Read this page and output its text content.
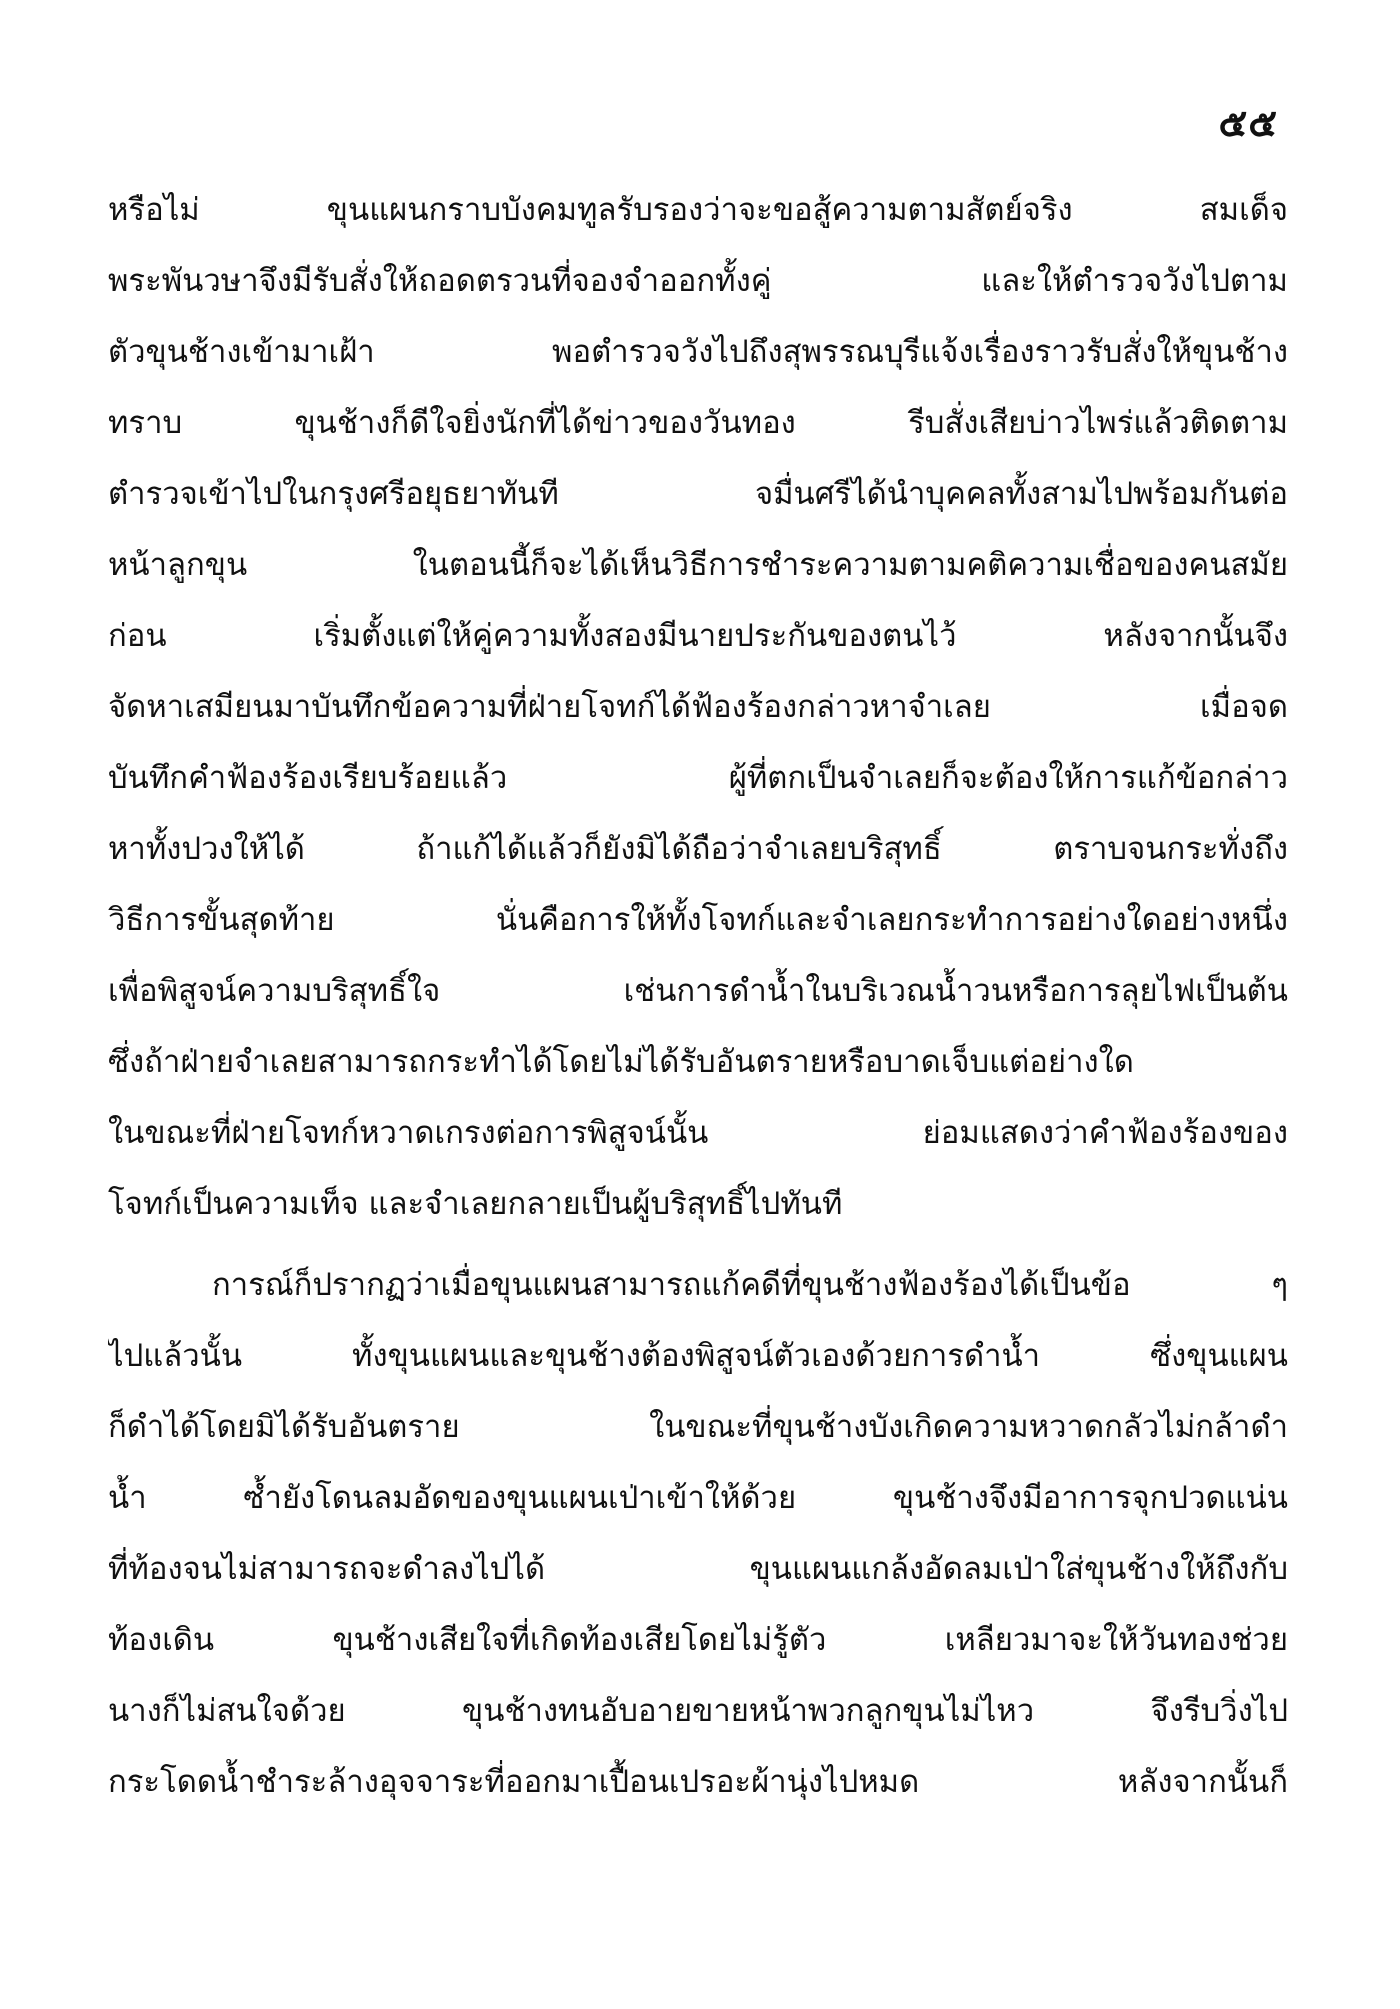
๕๕
หรือไม่ ขุนแผนกราบบังคมทูลรับรองว่าจะขอสู้ความตามสัตย์จริง สมเด็จ
พระพันวษาจึงมีรับสั่งให้ถอดตรวนที่จองจำออกทั้งคู่ และให้ตำรวจวังไปตาม
ตัวขุนช้างเข้ามาเฝ้า พอตำรวจวังไปถึงสุพรรณบุรีแจ้งเรื่องราวรับสั่งให้ขุนช้าง
ทราบ ขุนช้างก็ดีใจยิ่งนักที่ได้ข่าวของวันทอง รีบสั่งเสียบ่าวไพร่แล้วติดตาม
ตำรวจเข้าไปในกรุงศรีอยุธยาทันที จมื่นศรีได้นำบุคคลทั้งสามไปพร้อมกันต่อ
หน้าลูกขุน ในตอนนี้ก็จะได้เห็นวิธีการชำระความตามคติความเชื่อของคนสมัย
ก่อน เริ่มตั้งแต่ให้คู่ความทั้งสองมีนายประกันของตนไว้ หลังจากนั้นจึง
จัดหาเสมียนมาบันทึกข้อความที่ฝ่ายโจทก์ได้ฟ้องร้องกล่าวหาจำเลย เมื่อจด
บันทึกคำฟ้องร้องเรียบร้อยแล้ว ผู้ที่ตกเป็นจำเลยก็จะต้องให้การแก้ข้อกล่าว
หาทั้งปวงให้ได้ ถ้าแก้ได้แล้วก็ยังมิได้ถือว่าจำเลยบริสุทธิ์ ตราบจนกระทั่งถึง
วิธีการขั้นสุดท้าย นั่นคือการให้ทั้งโจทก์และจำเลยกระทำการอย่างใดอย่างหนึ่ง
เพื่อพิสูจน์ความบริสุทธิ์ใจ เช่นการดำน้ำในบริเวณน้ำวนหรือการลุยไฟเป็นต้น
ซึ่งถ้าฝ่ายจำเลยสามารถกระทำได้โดยไม่ได้รับอันตรายหรือบาดเจ็บแต่อย่างใด
ในขณะที่ฝ่ายโจทก์หวาดเกรงต่อการพิสูจน์นั้น ย่อมแสดงว่าคำฟ้องร้องของ
โจทก์เป็นความเท็จ และจำเลยกลายเป็นผู้บริสุทธิ์ไปทันที
การณ์ก็ปรากฏว่าเมื่อขุนแผนสามารถแก้คดีที่ขุนช้างฟ้องร้องได้เป็นข้อ ๆ
ไปแล้วนั้น ทั้งขุนแผนและขุนช้างต้องพิสูจน์ตัวเองด้วยการดำน้ำ ซึ่งขุนแผน
ก็ดำได้โดยมิได้รับอันตราย ในขณะที่ขุนช้างบังเกิดความหวาดกลัวไม่กล้าดำ
น้ำ ซ้ำยังโดนลมอัดของขุนแผนเป่าเข้าให้ด้วย ขุนช้างจึงมีอาการจุกปวดแน่น
ที่ท้องจนไม่สามารถจะดำลงไปได้ ขุนแผนแกล้งอัดลมเป่าใส่ขุนช้างให้ถึงกับ
ท้องเดิน ขุนช้างเสียใจที่เกิดท้องเสียโดยไม่รู้ตัว เหลียวมาจะให้วันทองช่วย
นางก็ไม่สนใจด้วย ขุนช้างทนอับอายขายหน้าพวกลูกขุนไม่ไหว จึงรีบวิ่งไป
กระโดดน้ำชำระล้างอุจจาระที่ออกมาเปื้อนเปรอะผ้านุ่งไปหมด หลังจากนั้นก็
